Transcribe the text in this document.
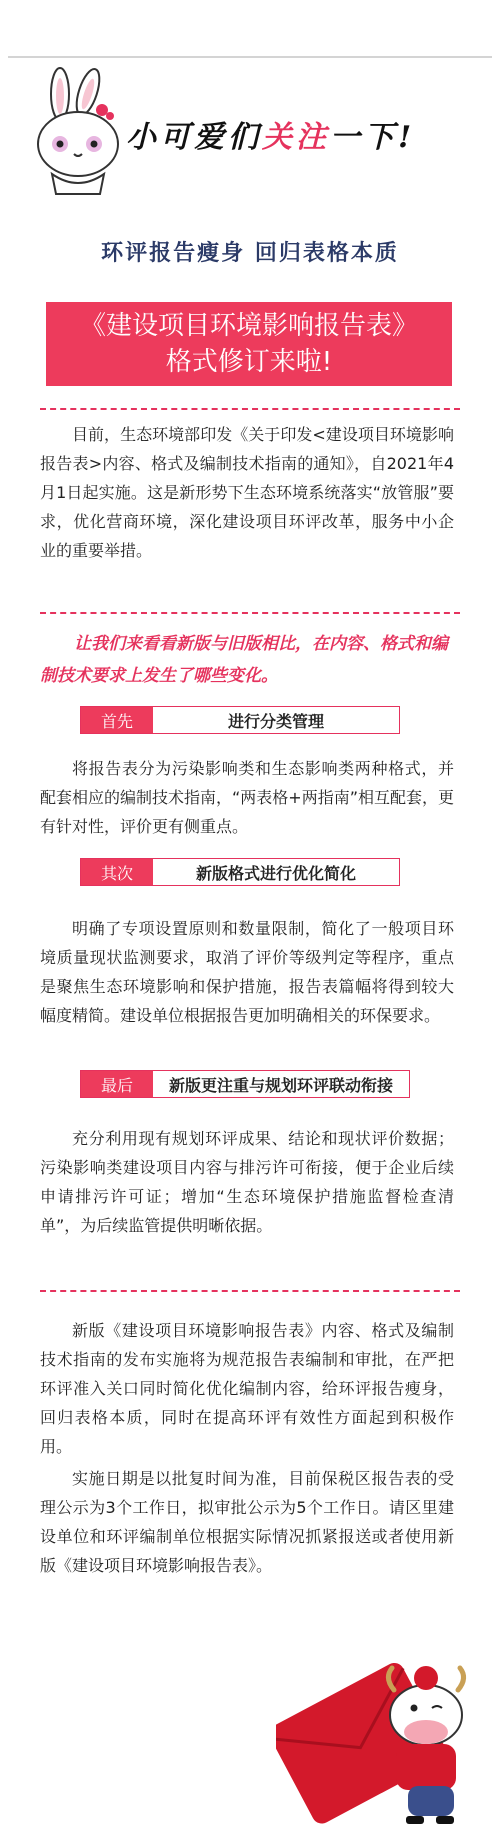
小可爱们关注一下!
环评报告瘦身 回归表格本质
《建设项目环境影响报告表》
格式修订来啦!
目前，生态环境部印发《关于印发<建设项目环境影响报告表>内容、格式及编制技术指南的通知》，自2021年4月1日起实施。这是新形势下生态环境系统落实“放管服”要求，优化营商环境，深化建设项目环评改革，服务中小企业的重要举措。
让我们来看看新版与旧版相比，在内容、格式和编制技术要求上发生了哪些变化。
首先	进行分类管理
将报告表分为污染影响类和生态影响类两种格式，并配套相应的编制技术指南，“两表格+两指南”相互配套，更有针对性，评价更有侧重点。
其次	新版格式进行优化简化
明确了专项设置原则和数量限制，简化了一般项目环境质量现状监测要求，取消了评价等级判定等程序，重点是聚焦生态环境影响和保护措施，报告表篇幅将得到较大幅度精简。建设单位根据报告更加明确相关的环保要求。
最后	新版更注重与规划环评联动衔接
充分利用现有规划环评成果、结论和现状评价数据；污染影响类建设项目内容与排污许可衔接，便于企业后续申请排污许可证；增加“生态环境保护措施监督检查清单”，为后续监管提供明晰依据。
新版《建设项目环境影响报告表》内容、格式及编制技术指南的发布实施将为规范报告表编制和审批，在严把环评准入关口同时简化优化编制内容，给环评报告瘦身，回归表格本质，同时在提高环评有效性方面起到积极作用。
实施日期是以批复时间为准，目前保税区报告表的受理公示为3个工作日，拟审批公示为5个工作日。请区里建设单位和环评编制单位根据实际情况抓紧报送或者使用新版《建设项目环境影响报告表》。
